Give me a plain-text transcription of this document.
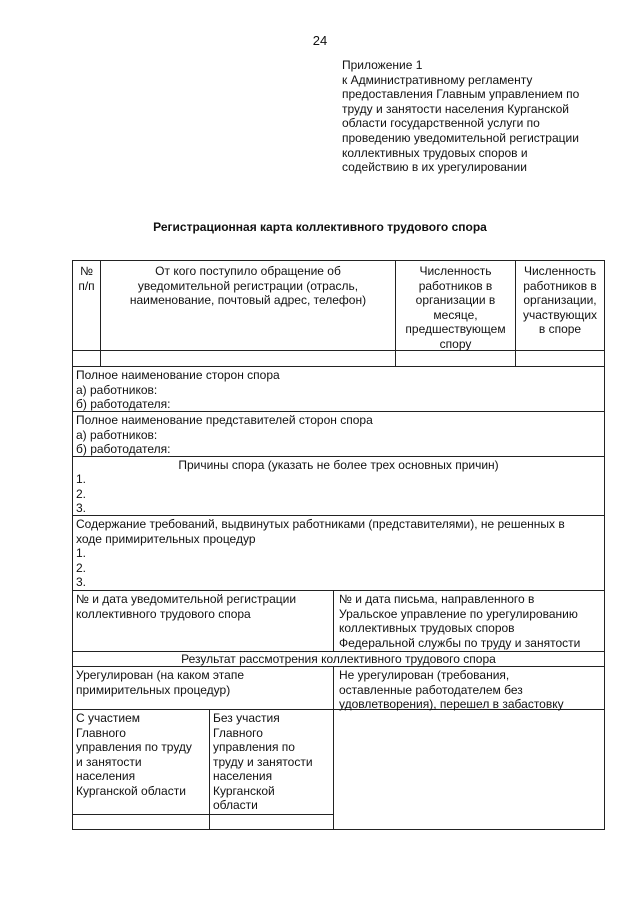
24
Приложение 1
к Административному регламенту
предоставления Главным управлением по
труду и занятости населения Курганской
области государственной услуги по
проведению уведомительной регистрации
коллективных трудовых споров и
содействию в их урегулировании
Регистрационная карта коллективного трудового спора
№
п/п
От кого поступило обращение об
уведомительной регистрации (отрасль,
наименование, почтовый адрес, телефон)
Численность
работников в
организации в
месяце,
предшествующем
спору
Численность
работников в
организации,
участвующих
в споре
Полное наименование сторон спора
а) работников:
б) работодателя:
Полное наименование представителей сторон спора
а) работников:
б) работодателя:
Причины спора (указать не более трех основных причин)
1.
2.
3.
Содержание требований, выдвинутых работниками (представителями), не решенных в
ходе примирительных процедур
1.
2.
3.
№ и дата уведомительной регистрации
коллективного трудового спора
№ и дата письма, направленного в
Уральское управление по урегулированию
коллективных трудовых споров
Федеральной службы по труду и занятости
Результат рассмотрения коллективного трудового спора
Урегулирован (на каком этапе
примирительных процедур)
Не урегулирован (требования,
оставленные работодателем без
удовлетворения), перешел в забастовку
С участием
Главного
управления по труду
и занятости
населения
Курганской области
Без участия
Главного
управления по
труду и занятости
населения
Курганской
области
